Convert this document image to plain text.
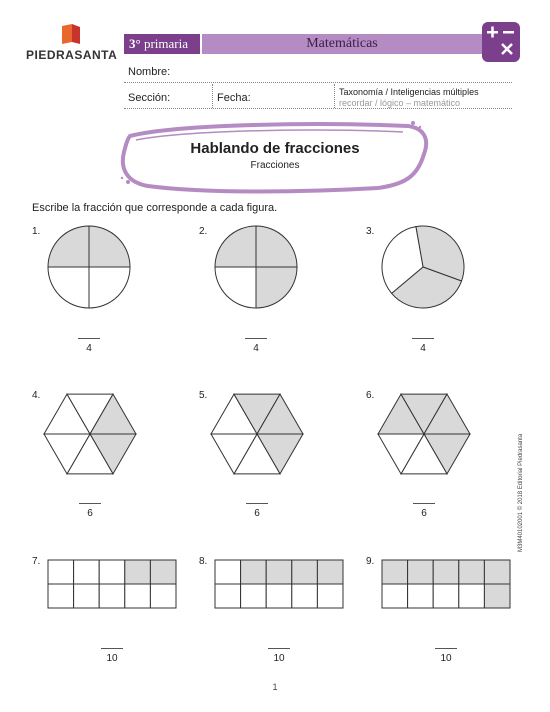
PIEDRASANTA
3° primaria	Matemáticas
Nombre:
Sección:	Fecha:	Taxonomía / Inteligencias múltiples
recordar / lógico – matemático
Hablando de fracciones
Fracciones
Escribe la fracción que corresponde a cada figura.
1.
4
2.
4
3.
4
4.
6
5.
6
6.
6
7.
10
8.
10
9.
10
M3M40102001 © 2018 Editorial Piedrasanta
1
